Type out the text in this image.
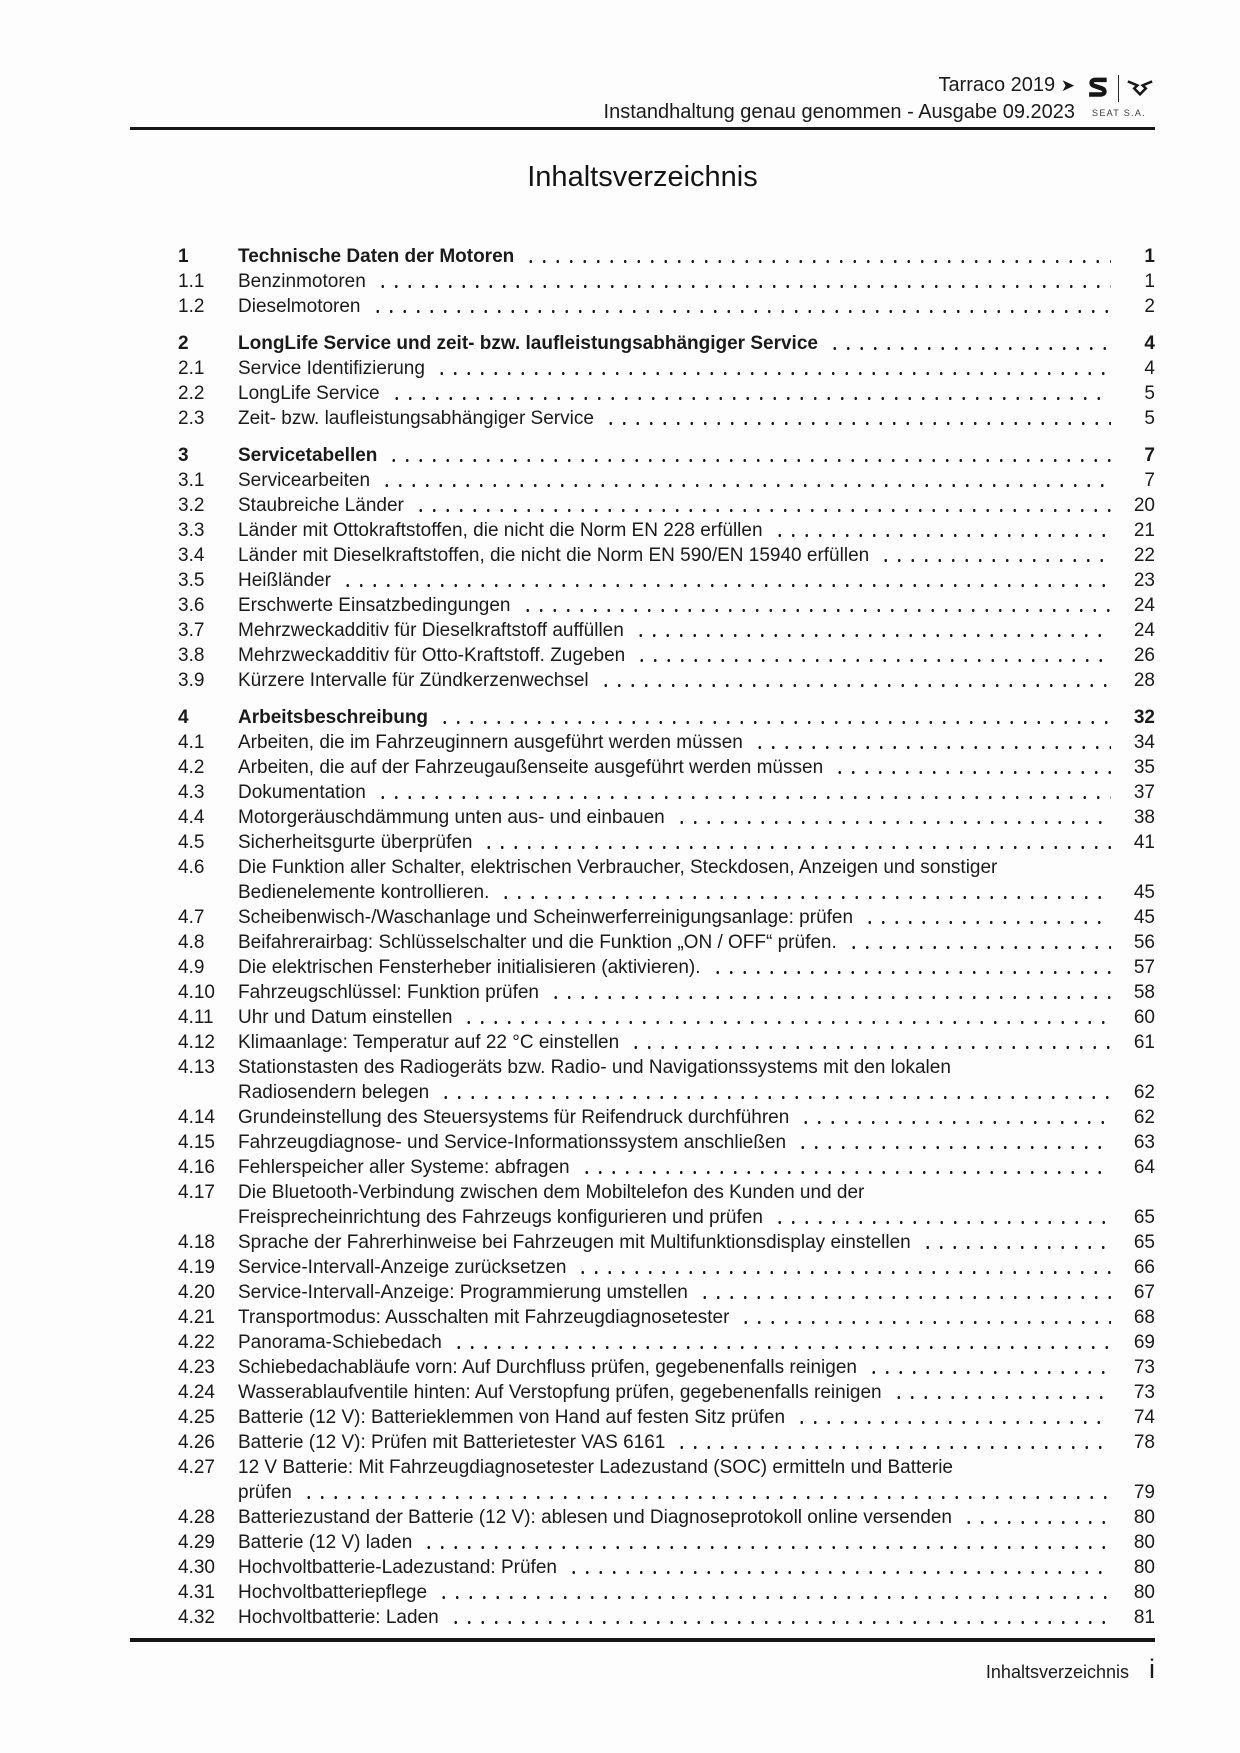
Tarraco 2019 ➤
Instandhaltung genau genommen - Ausgabe 09.2023	SEAT S.A.
Inhaltsverzeichnis
1	Technische Daten der Motoren	1
1.1	Benzinmotoren	1
1.2	Dieselmotoren	2
2	LongLife Service und zeit- bzw. laufleistungsabhängiger Service	4
2.1	Service Identifizierung	4
2.2	LongLife Service	5
2.3	Zeit- bzw. laufleistungsabhängiger Service	5
3	Servicetabellen	7
3.1	Servicearbeiten	7
3.2	Staubreiche Länder	20
3.3	Länder mit Ottokraftstoffen, die nicht die Norm EN 228 erfüllen	21
3.4	Länder mit Dieselkraftstoffen, die nicht die Norm EN 590/EN 15940 erfüllen	22
3.5	Heißländer	23
3.6	Erschwerte Einsatzbedingungen	24
3.7	Mehrzweckadditiv für Dieselkraftstoff auffüllen	24
3.8	Mehrzweckadditiv für Otto-Kraftstoff. Zugeben	26
3.9	Kürzere Intervalle für Zündkerzenwechsel	28
4	Arbeitsbeschreibung	32
4.1	Arbeiten, die im Fahrzeuginnern ausgeführt werden müssen	34
4.2	Arbeiten, die auf der Fahrzeugaußenseite ausgeführt werden müssen	35
4.3	Dokumentation	37
4.4	Motorgeräuschdämmung unten aus- und einbauen	38
4.5	Sicherheitsgurte überprüfen	41
4.6	Die Funktion aller Schalter, elektrischen Verbraucher, Steckdosen, Anzeigen und sonstiger
Bedienelemente kontrollieren.	45
4.7	Scheibenwisch-/Waschanlage und Scheinwerferreinigungsanlage: prüfen	45
4.8	Beifahrerairbag: Schlüsselschalter und die Funktion „ON / OFF“ prüfen.	56
4.9	Die elektrischen Fensterheber initialisieren (aktivieren).	57
4.10	Fahrzeugschlüssel: Funktion prüfen	58
4.11	Uhr und Datum einstellen	60
4.12	Klimaanlage: Temperatur auf 22 °C einstellen	61
4.13	Stationstasten des Radiogeräts bzw. Radio- und Navigationssystems mit den lokalen
Radiosendern belegen	62
4.14	Grundeinstellung des Steuersystems für Reifendruck durchführen	62
4.15	Fahrzeugdiagnose- und Service-Informationssystem anschließen	63
4.16	Fehlerspeicher aller Systeme: abfragen	64
4.17	Die Bluetooth-Verbindung zwischen dem Mobiltelefon des Kunden und der
Freisprecheinrichtung des Fahrzeugs konfigurieren und prüfen	65
4.18	Sprache der Fahrerhinweise bei Fahrzeugen mit Multifunktionsdisplay einstellen	65
4.19	Service-Intervall-Anzeige zurücksetzen	66
4.20	Service-Intervall-Anzeige: Programmierung umstellen	67
4.21	Transportmodus: Ausschalten mit Fahrzeugdiagnosetester	68
4.22	Panorama-Schiebedach	69
4.23	Schiebedachabläufe vorn: Auf Durchfluss prüfen, gegebenenfalls reinigen	73
4.24	Wasserablaufventile hinten: Auf Verstopfung prüfen, gegebenenfalls reinigen	73
4.25	Batterie (12 V): Batterieklemmen von Hand auf festen Sitz prüfen	74
4.26	Batterie (12 V): Prüfen mit Batterietester VAS 6161	78
4.27	12 V Batterie: Mit Fahrzeugdiagnosetester Ladezustand (SOC) ermitteln und Batterie
prüfen	79
4.28	Batteriezustand der Batterie (12 V): ablesen und Diagnoseprotokoll online versenden	80
4.29	Batterie (12 V) laden	80
4.30	Hochvoltbatterie-Ladezustand: Prüfen	80
4.31	Hochvoltbatteriepflege	80
4.32	Hochvoltbatterie: Laden	81
Inhaltsverzeichnis i
